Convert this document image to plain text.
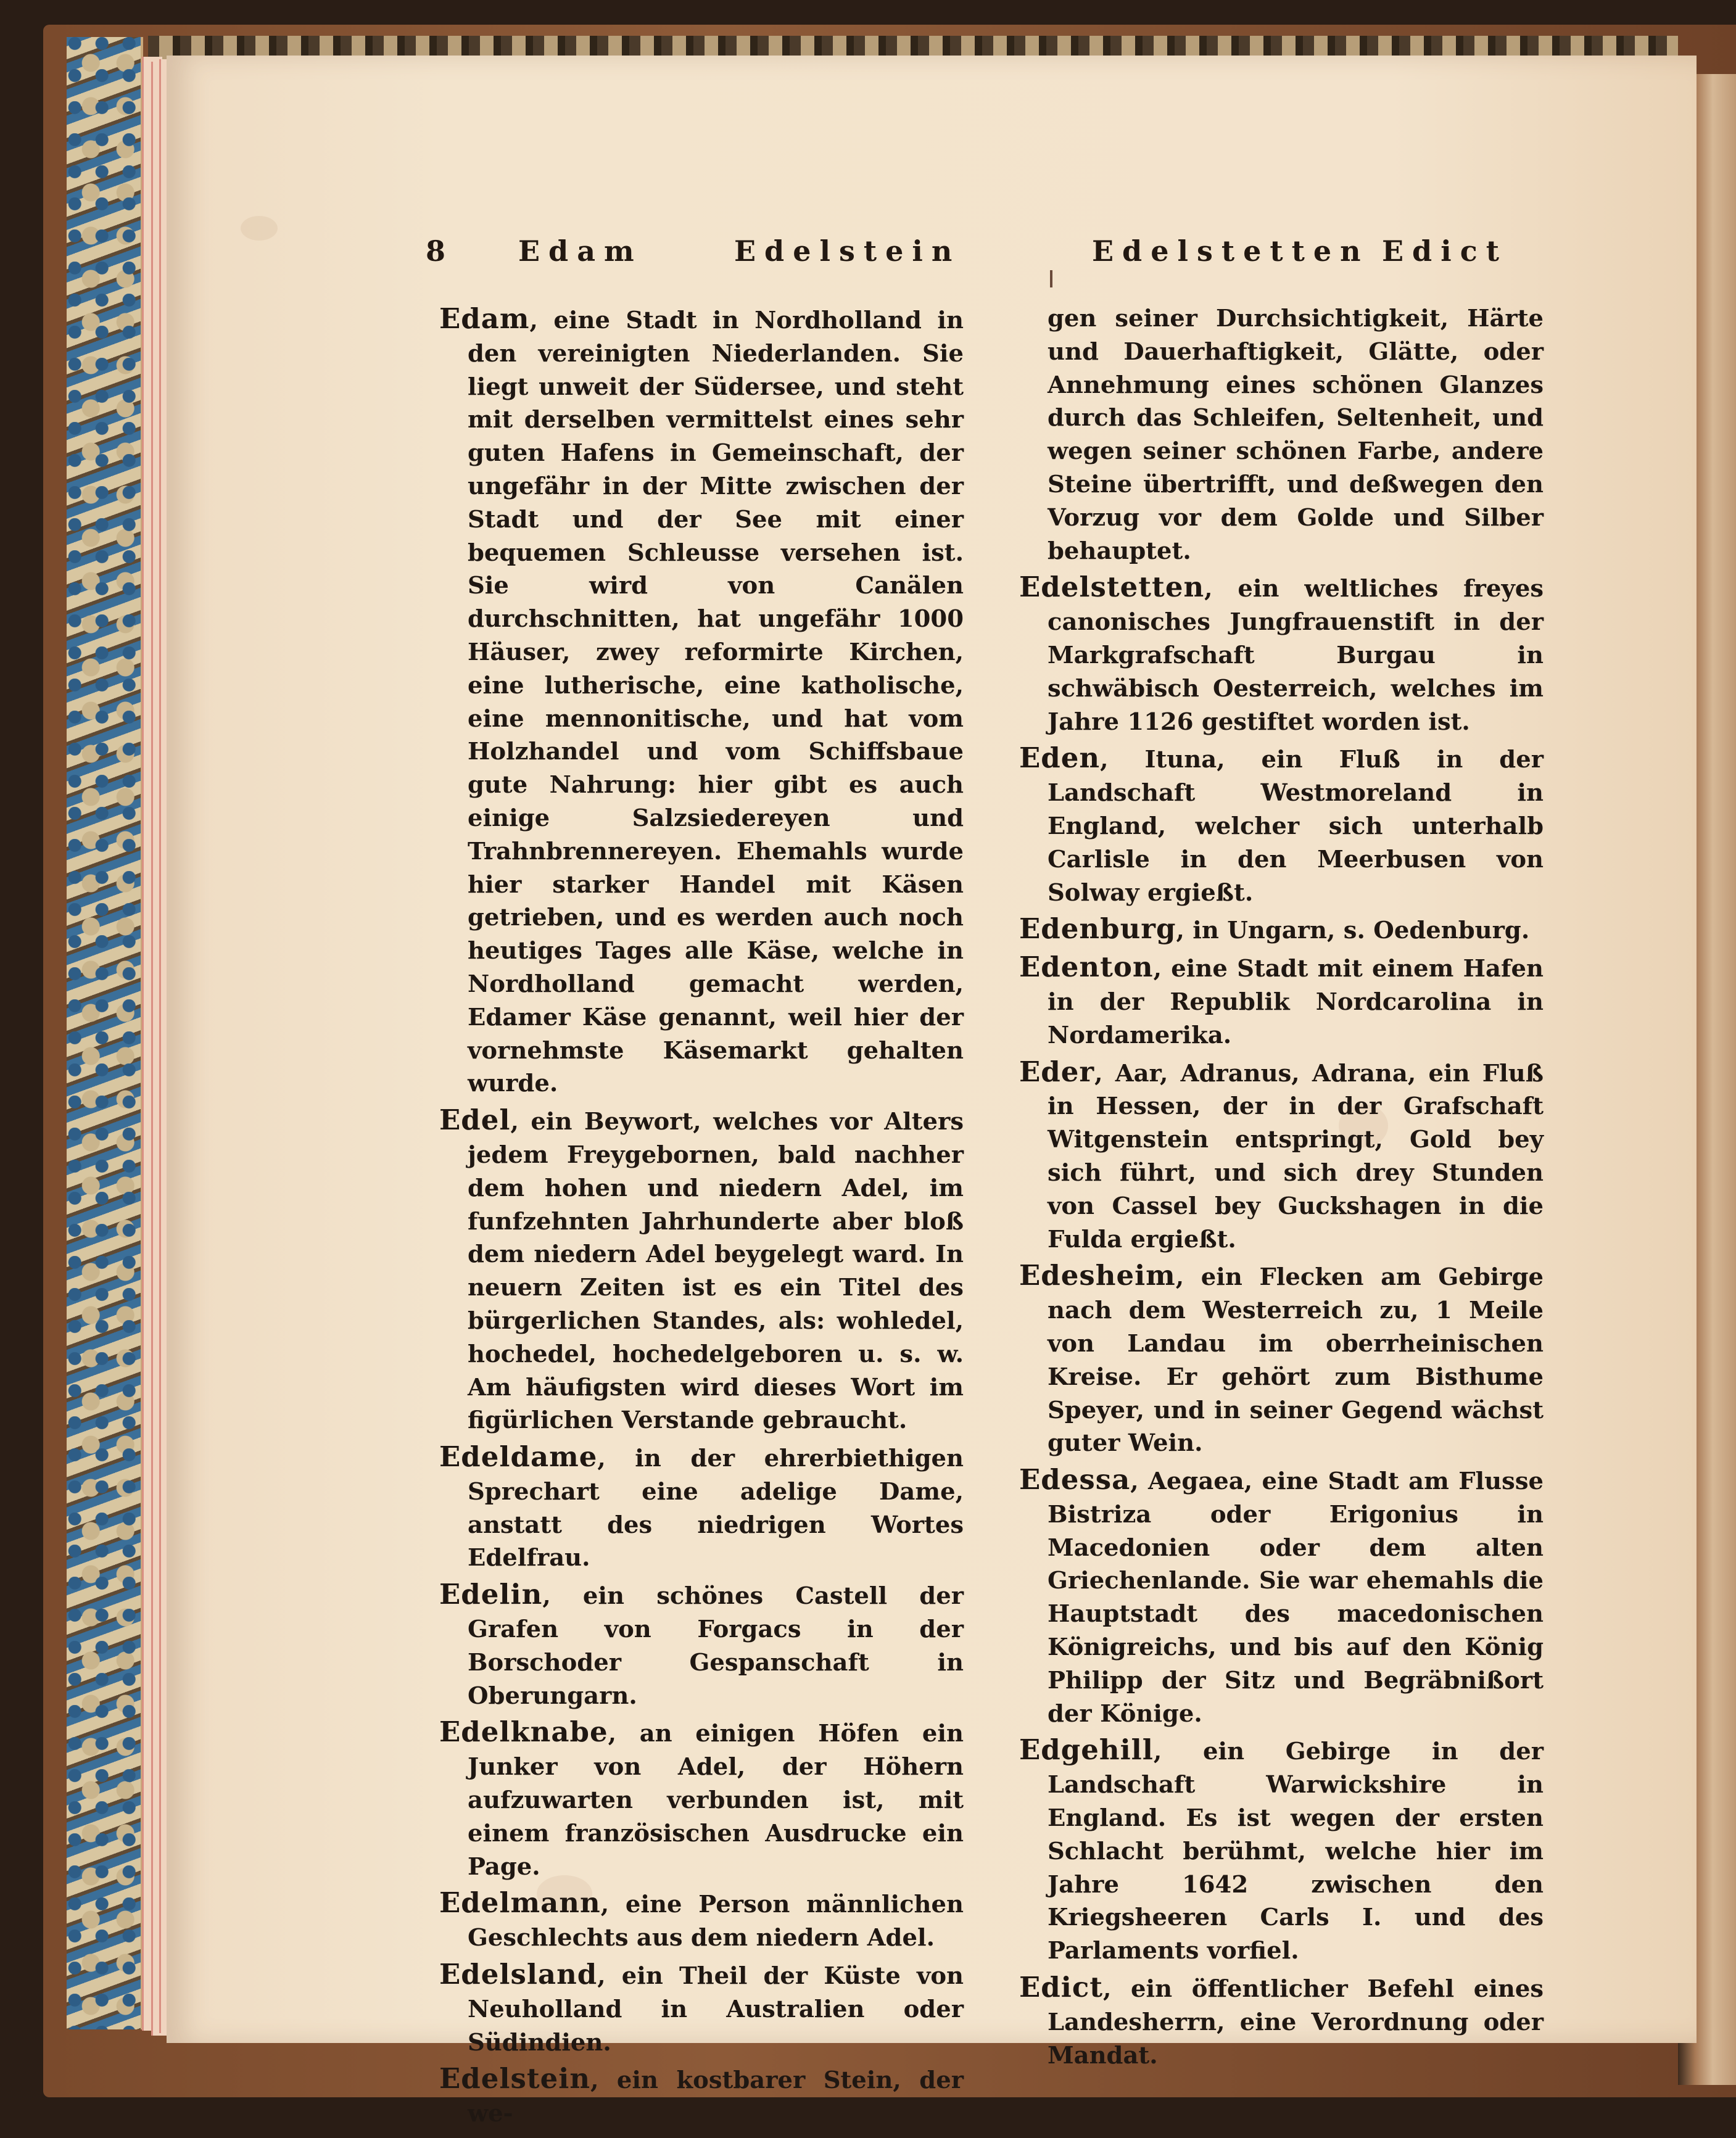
8 Edam	Edelstein	Edelstetten Edict

Edam, eine Stadt in Nordholland in den vereinigten Niederlanden. Sie liegt unweit der Südersee, und steht mit derselben vermittelst eines sehr guten Hafens in Gemeinschaft, der ungefähr in der Mitte zwischen der Stadt und der See mit einer bequemen Schleusse versehen ist. Sie wird von Canälen durchschnitten, hat ungefähr 1000 Häuser, zwey reformirte Kirchen, eine lutherische, eine katholische, eine mennonitische, und hat vom Holzhandel und vom Schiffsbaue gute Nahrung: hier gibt es auch einige Salzsiedereyen und Trahnbrennereyen. Ehemahls wurde hier starker Handel mit Käsen getrieben, und es werden auch noch heutiges Tages alle Käse, welche in Nordholland gemacht werden, Edamer Käse genannt, weil hier der vornehmste Käsemarkt gehalten wurde.

Edel, ein Beywort, welches vor Alters jedem Freygebornen, bald nachher dem hohen und niedern Adel, im funfzehnten Jahrhunderte aber bloß dem niedern Adel beygelegt ward. In neuern Zeiten ist es ein Titel des bürgerlichen Standes, als: wohledel, hochedel, hochedelgeboren u. s. w. Am häufigsten wird dieses Wort im figürlichen Verstande gebraucht.

Edeldame, in der ehrerbiethigen Sprechart eine adelige Dame, anstatt des niedrigen Wortes Edelfrau.

Edelin, ein schönes Castell der Grafen von Forgacs in der Borschoder Gespanschaft in Oberungarn.

Edelknabe, an einigen Höfen ein Junker von Adel, der Höhern aufzuwarten verbunden ist, mit einem französischen Ausdrucke ein Page.

Edelmann, eine Person männlichen Geschlechts aus dem niedern Adel.

Edelsland, ein Theil der Küste von Neuholland in Australien oder Südindien.

Edelstein, ein kostbarer Stein, der we-

gen seiner Durchsichtigkeit, Härte und Dauerhaftigkeit, Glätte, oder Annehmung eines schönen Glanzes durch das Schleifen, Seltenheit, und wegen seiner schönen Farbe, andere Steine übertrifft, und deßwegen den Vorzug vor dem Golde und Silber behauptet.

Edelstetten, ein weltliches freyes canonisches Jungfrauenstift in der Markgrafschaft Burgau in schwäbisch Oesterreich, welches im Jahre 1126 gestiftet worden ist.

Eden, Ituna, ein Fluß in der Landschaft Westmoreland in England, welcher sich unterhalb Carlisle in den Meerbusen von Solway ergießt.

Edenburg, in Ungarn, s. Oedenburg.

Edenton, eine Stadt mit einem Hafen in der Republik Nordcarolina in Nordamerika.

Eder, Aar, Adranus, Adrana, ein Fluß in Hessen, der in der Grafschaft Witgenstein entspringt, Gold bey sich führt, und sich drey Stunden von Cassel bey Guckshagen in die Fulda ergießt.

Edesheim, ein Flecken am Gebirge nach dem Westerreich zu, 1 Meile von Landau im oberrheinischen Kreise. Er gehört zum Bisthume Speyer, und in seiner Gegend wächst guter Wein.

Edessa, Aegaea, eine Stadt am Flusse Bistriza oder Erigonius in Macedonien oder dem alten Griechenlande. Sie war ehemahls die Hauptstadt des macedonischen Königreichs, und bis auf den König Philipp der Sitz und Begräbnißort der Könige.

Edgehill, ein Gebirge in der Landschaft Warwickshire in England. Es ist wegen der ersten Schlacht berühmt, welche hier im Jahre 1642 zwischen den Kriegsheeren Carls I. und des Parlaments vorfiel.

Edict, ein öffentlicher Befehl eines Landesherrn, eine Verordnung oder Mandat.
